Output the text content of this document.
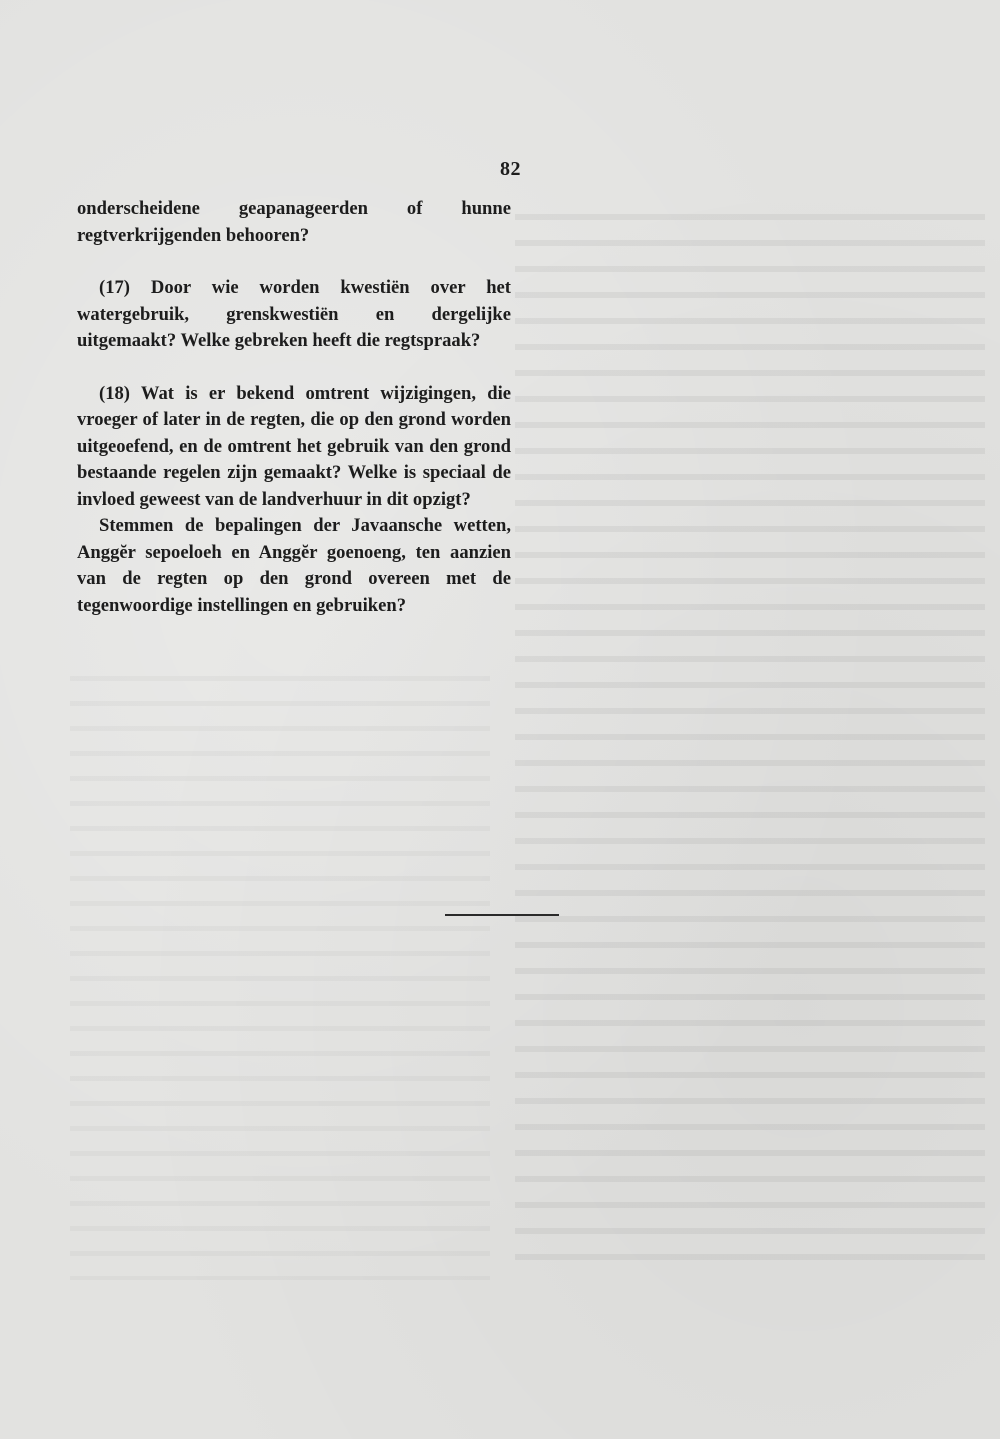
82

onderscheidene geapanageerden of hunne regtverkrijgenden behooren?

(17) Door wie worden kwestiën over het watergebruik, grenskwestiën en dergelijke uitgemaakt? Welke gebreken heeft die regtspraak?

(18) Wat is er bekend omtrent wijzigingen, die vroeger of later in de regten, die op den grond worden uitgeoefend, en de omtrent het gebruik van den grond bestaande regelen zijn gemaakt? Welke is speciaal de invloed geweest van de landverhuur in dit opzigt?

Stemmen de bepalingen der Javaansche wetten, Anggĕr sepoeloeh en Anggĕr goenoeng, ten aanzien van de regten op den grond overeen met de tegenwoordige instellingen en gebruiken?
